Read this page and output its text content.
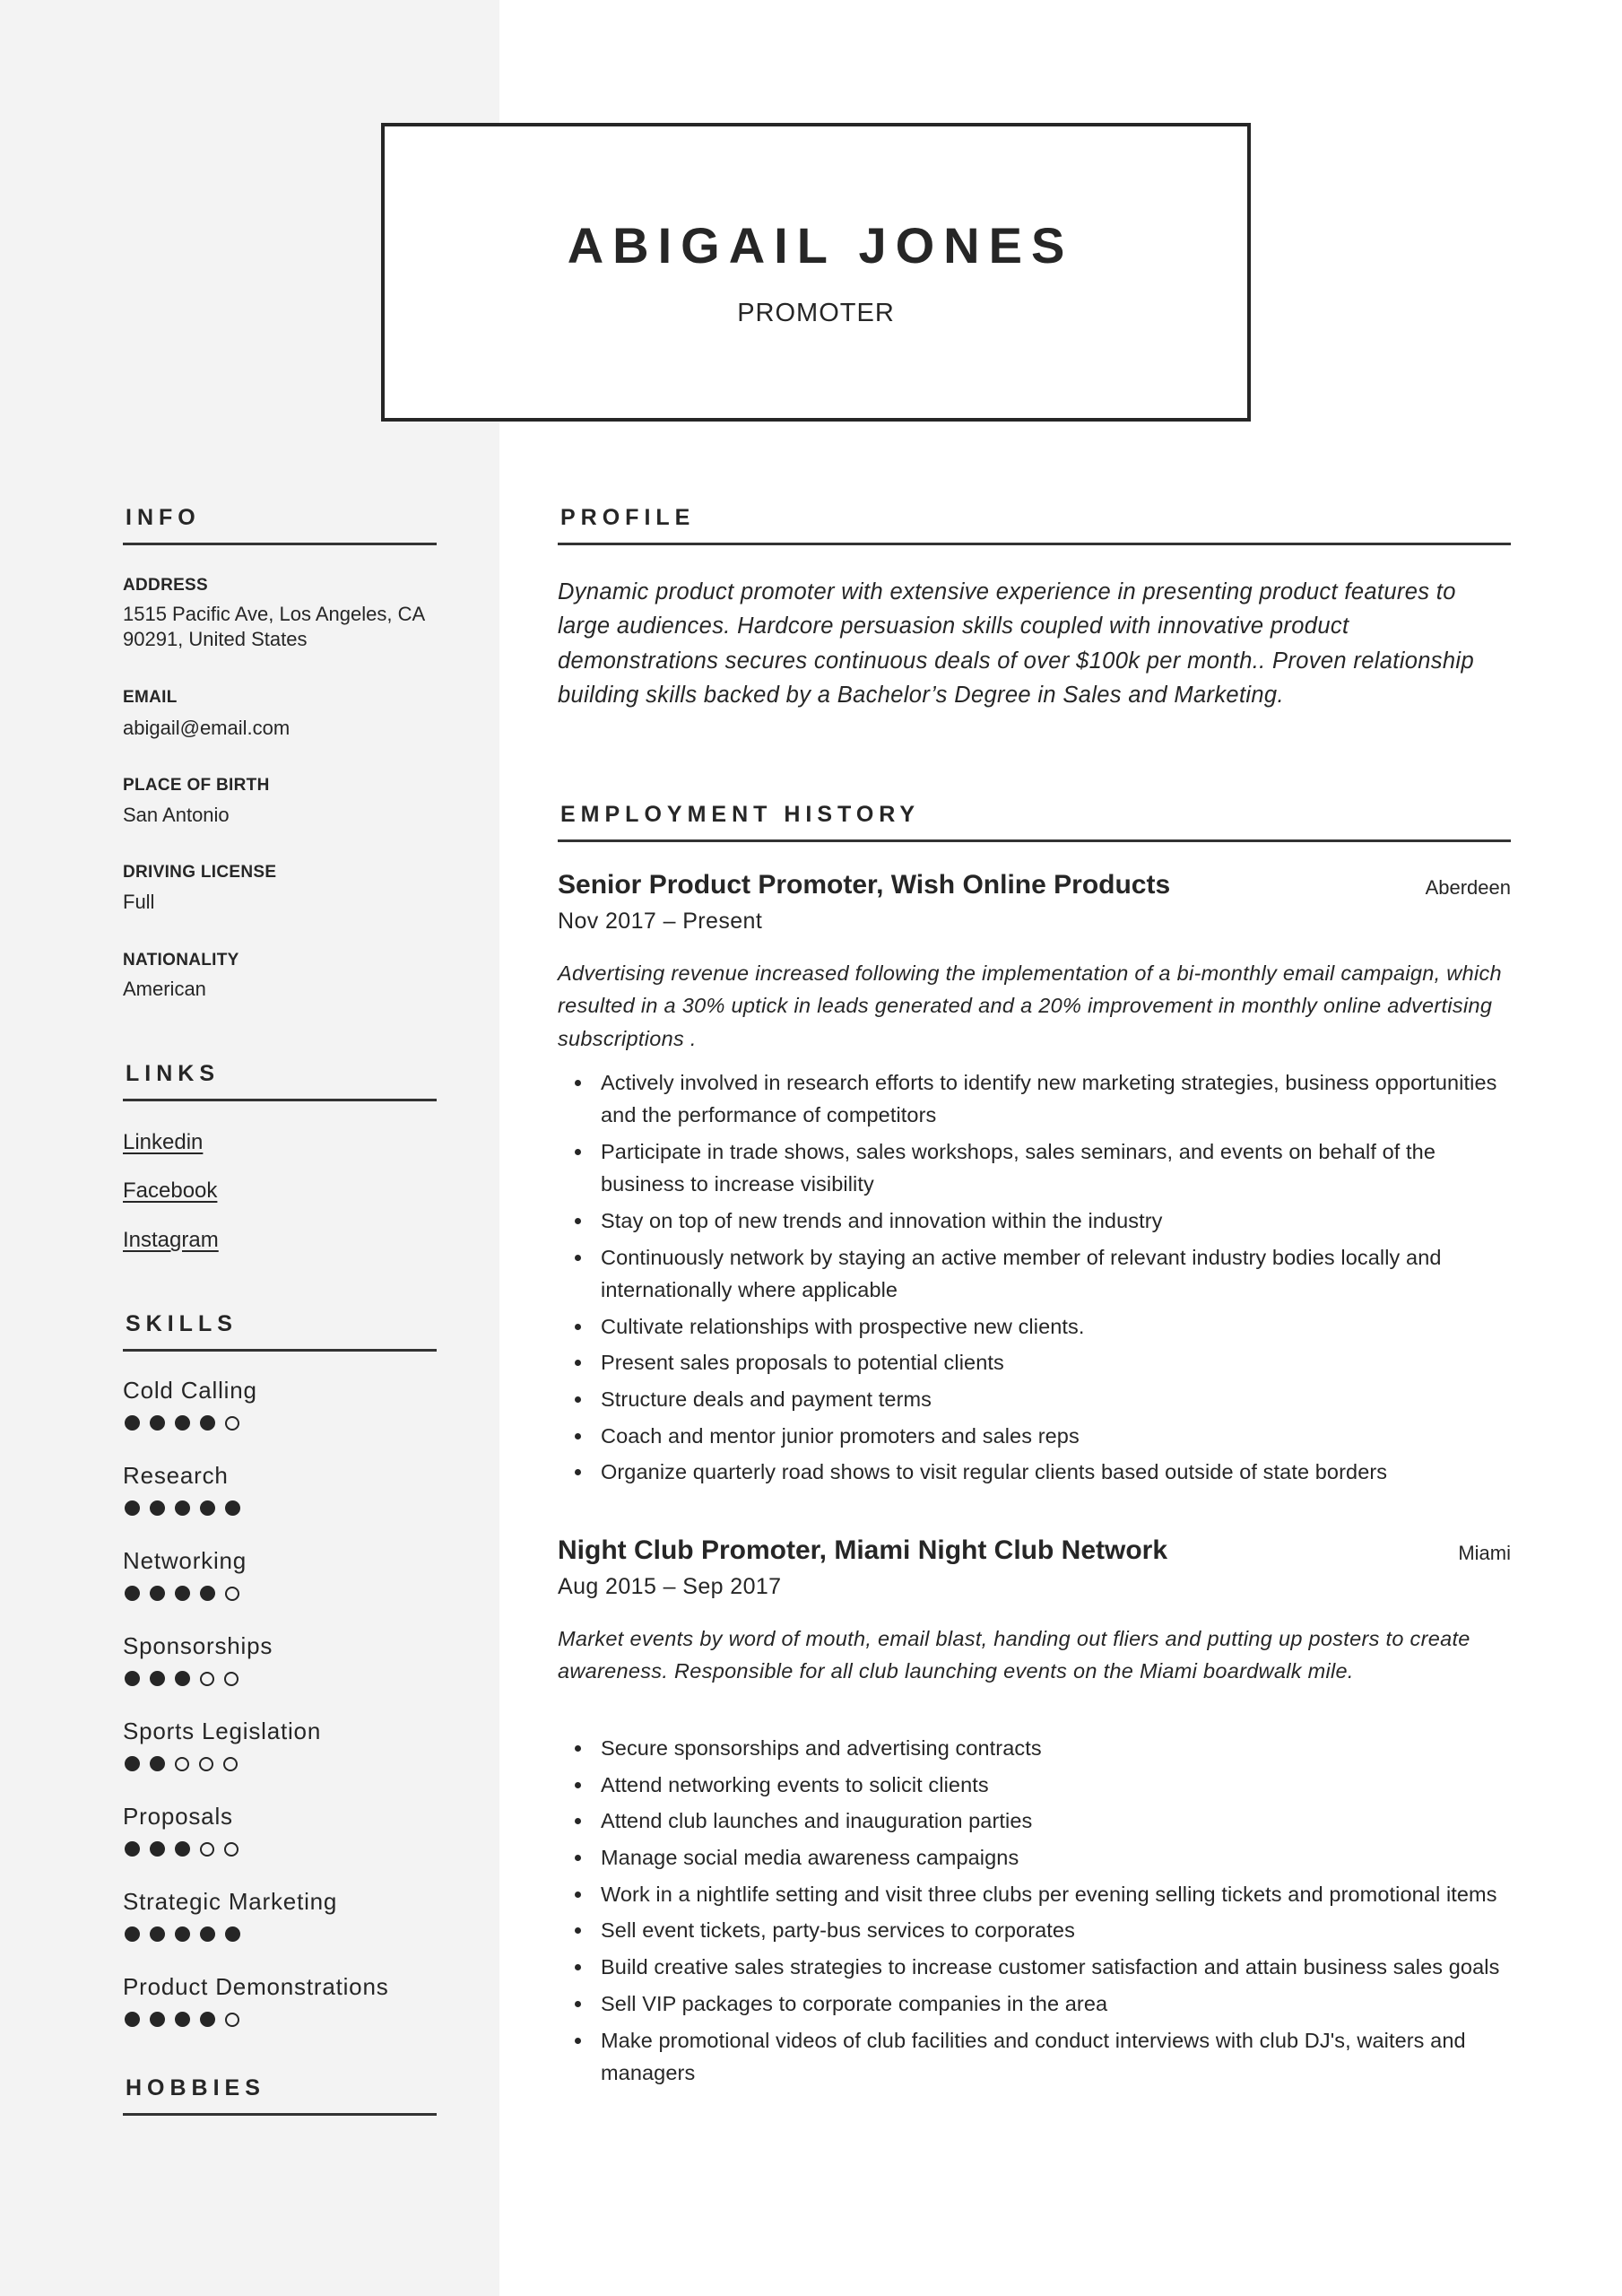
ABIGAIL JONES
PROMOTER
INFO
ADDRESS
1515 Pacific Ave, Los Angeles, CA 90291, United States
EMAIL
abigail@email.com
PLACE OF BIRTH
San Antonio
DRIVING LICENSE
Full
NATIONALITY
American
LINKS
Linkedin
Facebook
Instagram
SKILLS
Cold Calling
Research
Networking
Sponsorships
Sports Legislation
Proposals
Strategic Marketing
Product Demonstrations
HOBBIES
PROFILE
Dynamic product promoter with extensive experience in presenting product features to large audiences. Hardcore persuasion skills coupled with innovative product demonstrations secures continuous deals of over $100k per month.. Proven relationship building skills backed by a Bachelor’s Degree in Sales and Marketing.
EMPLOYMENT HISTORY
Senior Product Promoter, Wish Online Products	Aberdeen
Nov 2017 – Present
Advertising revenue increased following the implementation of a bi-monthly email campaign, which resulted in a 30% uptick in leads generated and a 20% improvement in monthly online advertising subscriptions .
Actively involved in research efforts to identify new marketing strategies, business opportunities and the performance of competitors
Participate in trade shows, sales workshops, sales seminars, and events on behalf of the business to increase visibility
Stay on top of new trends and innovation within the industry
Continuously network by staying an active member of relevant industry bodies locally and internationally where applicable
Cultivate relationships with prospective new clients.
Present sales proposals to potential clients
Structure deals and payment terms
Coach and mentor junior promoters and sales reps
Organize quarterly road shows to visit regular clients based outside of state borders
Night Club Promoter, Miami Night Club Network	Miami
Aug 2015 – Sep 2017
Market events by word of mouth, email blast, handing out fliers and putting up posters to create awareness. Responsible for all club launching events on the Miami boardwalk mile.
Secure sponsorships and advertising contracts
Attend networking events to solicit clients
Attend club launches and inauguration parties
Manage social media awareness campaigns
Work in a nightlife setting and visit three clubs per evening selling tickets and promotional items
Sell event tickets, party-bus services to corporates
Build creative sales strategies to increase customer satisfaction and attain business sales goals
Sell VIP packages to corporate companies in the area
Make promotional videos of club facilities and conduct interviews with club DJ's, waiters and managers
